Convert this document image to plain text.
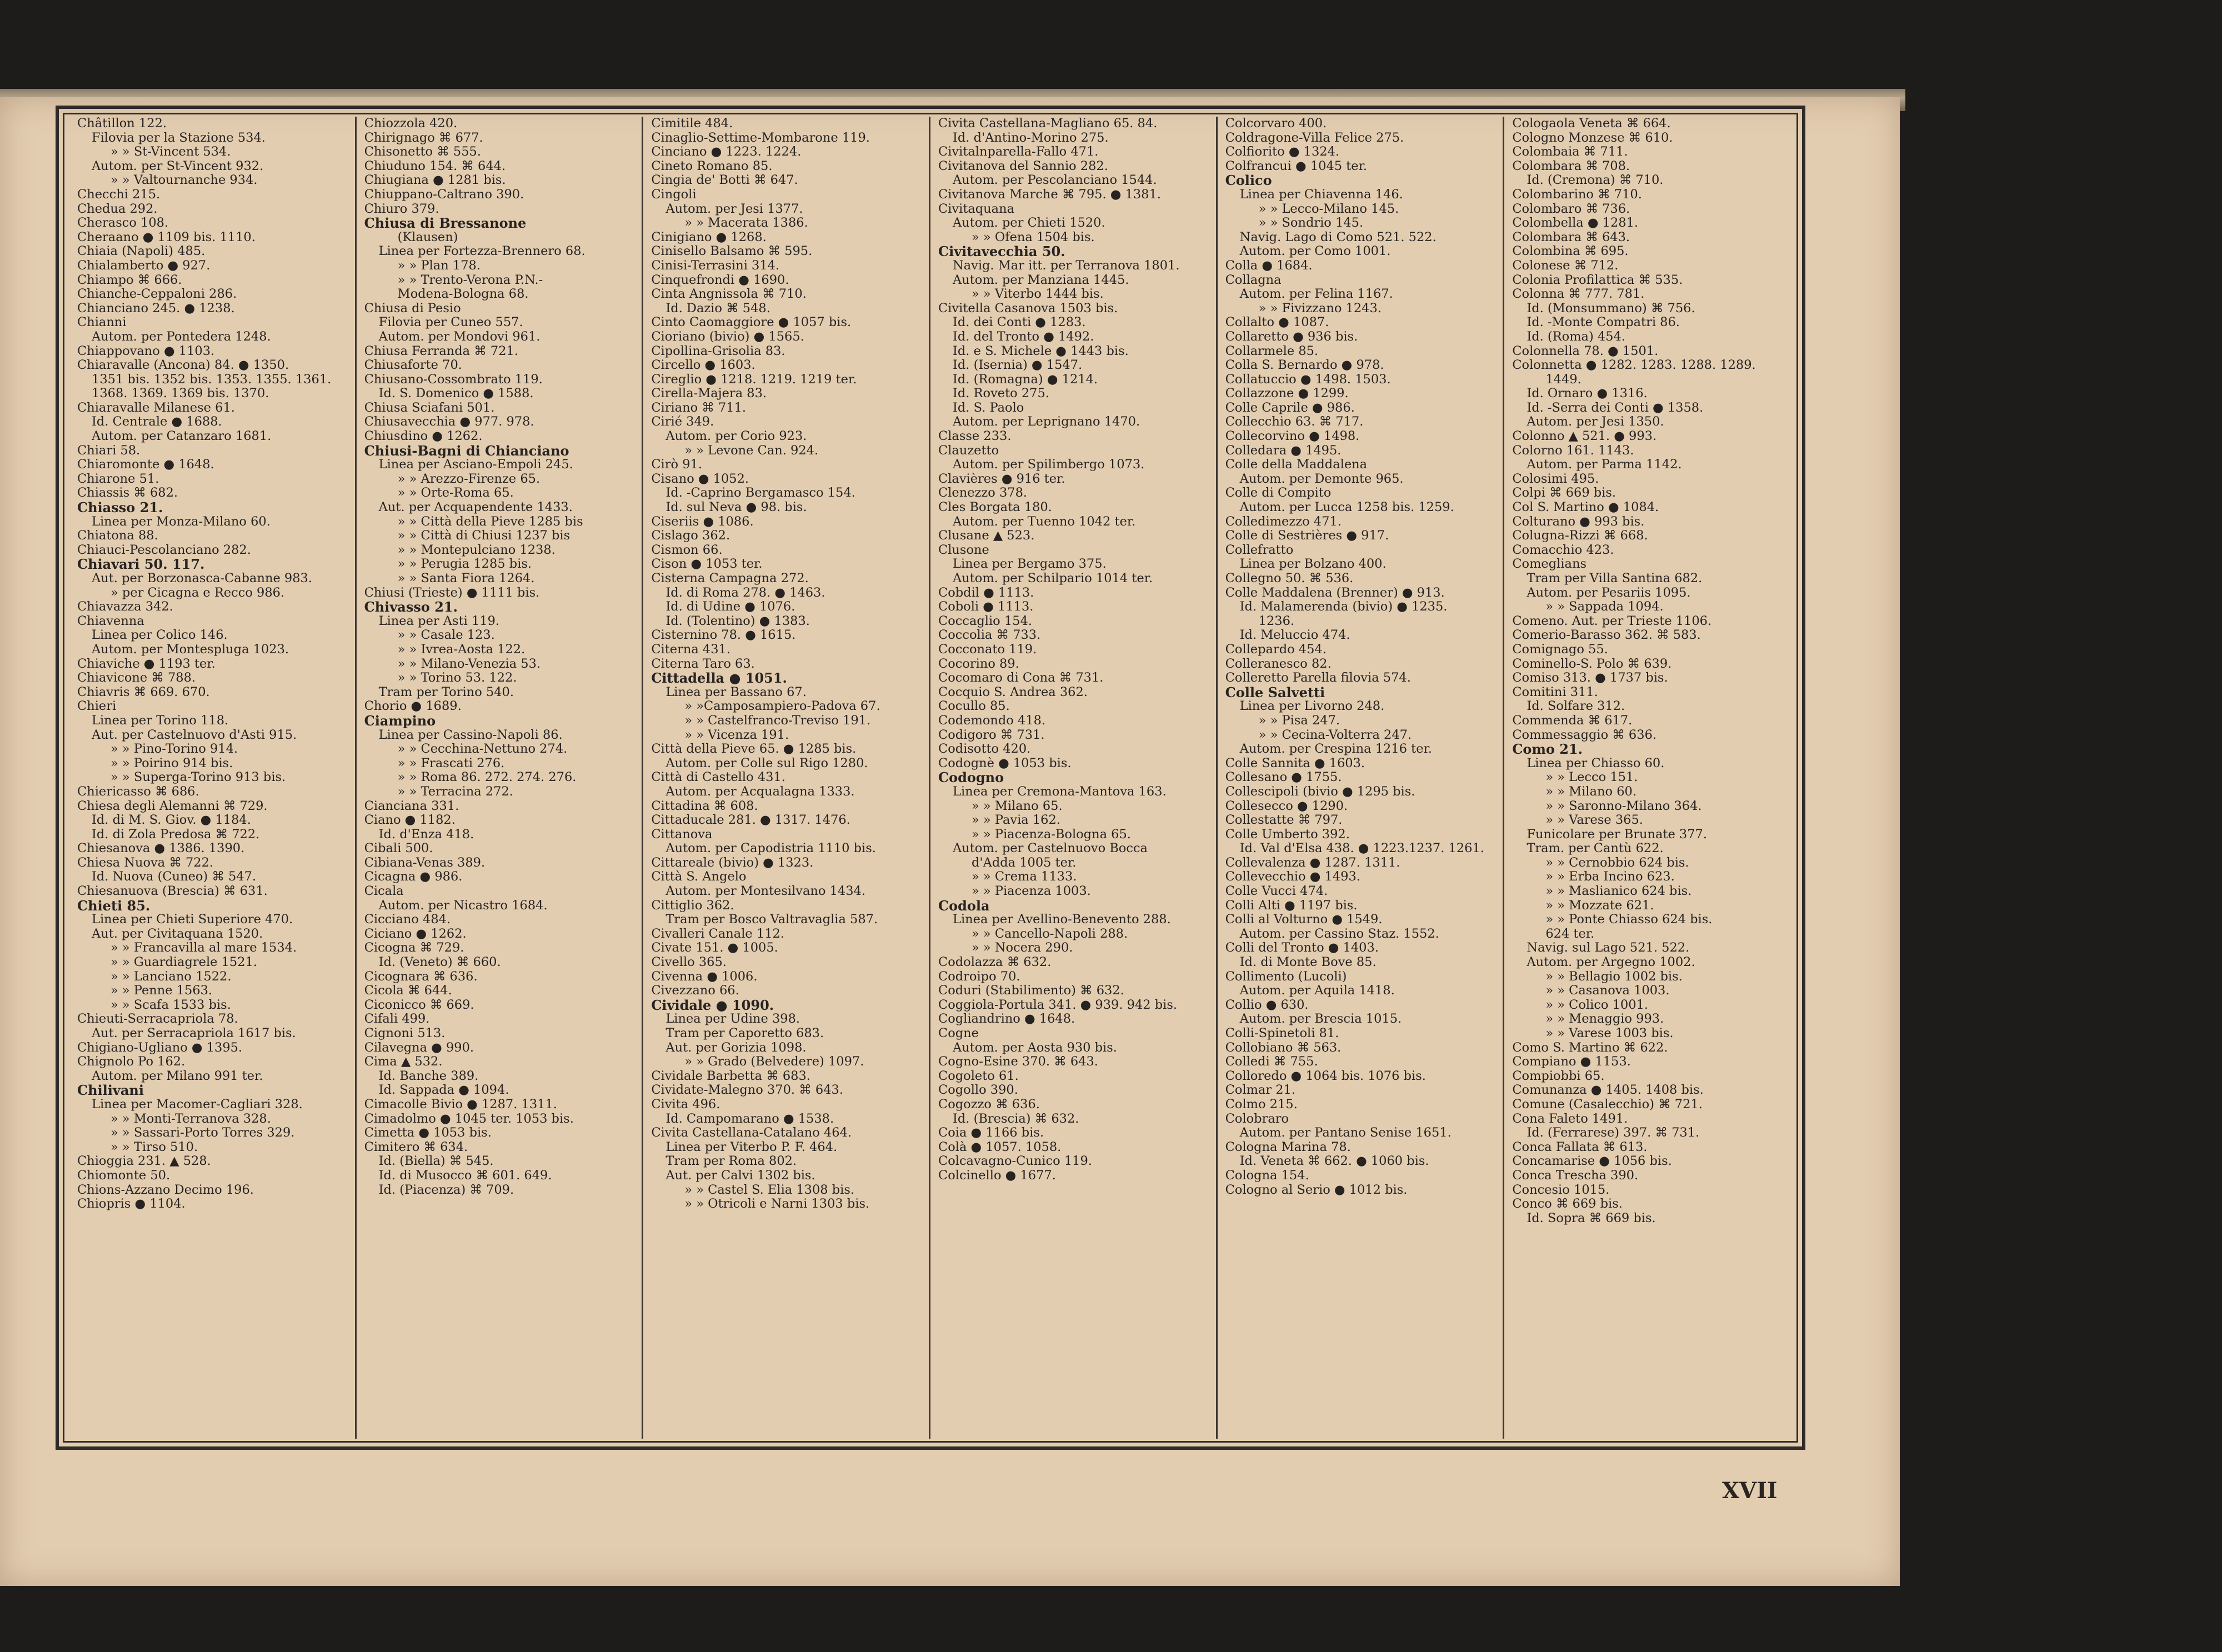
Châtillon 122.
Filovia per la Stazione 534.
» » St-Vincent 534.
Autom. per St-Vincent 932.
» » Valtournanche 934.
Checchi 215.
Chedua 292.
Cherasco 108.
Cheraano ● 1109 bis. 1110.
Chiaia (Napoli) 485.
Chialamberto ● 927.
Chiampo ⌘ 666.
Chianche-Ceppaloni 286.
Chianciano 245. ● 1238.
Chianni
Autom. per Pontedera 1248.
Chiappovano ● 1103.
Chiaravalle (Ancona) 84. ● 1350.
1351 bis. 1352 bis. 1353. 1355. 1361.
1368. 1369. 1369 bis. 1370.
Chiaravalle Milanese 61.
Id. Centrale ● 1688.
Autom. per Catanzaro 1681.
Chiari 58.
Chiaromonte ● 1648.
Chiarone 51.
Chiassis ⌘ 682.
Chiasso 21.
Linea per Monza-Milano 60.
Chiatona 88.
Chiauci-Pescolanciano 282.
Chiavari 50. 117.
Aut. per Borzonasca-Cabanne 983.
» per Cicagna e Recco 986.
Chiavazza 342.
Chiavenna
Linea per Colico 146.
Autom. per Montespluga 1023.
Chiaviche ● 1193 ter.
Chiavicone ⌘ 788.
Chiavris ⌘ 669. 670.
Chieri
Linea per Torino 118.
Aut. per Castelnuovo d'Asti 915.
» » Pino-Torino 914.
» » Poirino 914 bis.
» » Superga-Torino 913 bis.
Chiericasso ⌘ 686.
Chiesa degli Alemanni ⌘ 729.
Id. di M. S. Giov. ● 1184.
Id. di Zola Predosa ⌘ 722.
Chiesanova ● 1386. 1390.
Chiesa Nuova ⌘ 722.
Id. Nuova (Cuneo) ⌘ 547.
Chiesanuova (Brescia) ⌘ 631.
Chieti 85.
Linea per Chieti Superiore 470.
Aut. per Civitaquana 1520.
» » Francavilla al mare 1534.
» » Guardiagrele 1521.
» » Lanciano 1522.
» » Penne 1563.
» » Scafa 1533 bis.
Chieuti-Serracapriola 78.
Aut. per Serracapriola 1617 bis.
Chigiano-Ugliano ● 1395.
Chignolo Po 162.
Autom. per Milano 991 ter.
Chilivani
Linea per Macomer-Cagliari 328.
» » Monti-Terranova 328.
» » Sassari-Porto Torres 329.
» » Tirso 510.
Chioggia 231. ▲ 528.
Chiomonte 50.
Chions-Azzano Decimo 196.
Chiopris ● 1104.
Chiozzola 420.
Chirignago ⌘ 677.
Chisonetto ⌘ 555.
Chiuduno 154. ⌘ 644.
Chiugiana ● 1281 bis.
Chiuppano-Caltrano 390.
Chiuro 379.
Chiusa di Bressanone
(Klausen)
Linea per Fortezza-Brennero 68.
» » Plan 178.
» » Trento-Verona P.N.-
Modena-Bologna 68.
Chiusa di Pesio
Filovia per Cuneo 557.
Autom. per Mondovi 961.
Chiusa Ferranda ⌘ 721.
Chiusaforte 70.
Chiusano-Cossombrato 119.
Id. S. Domenico ● 1588.
Chiusa Sciafani 501.
Chiusavecchia ● 977. 978.
Chiusdino ● 1262.
Chiusi-Bagni di Chianciano
Linea per Asciano-Empoli 245.
» » Arezzo-Firenze 65.
» » Orte-Roma 65.
Aut. per Acquapendente 1433.
» » Città della Pieve 1285 bis
» » Città di Chiusi 1237 bis
» » Montepulciano 1238.
» » Perugia 1285 bis.
» » Santa Fiora 1264.
Chiusi (Trieste) ● 1111 bis.
Chivasso 21.
Linea per Asti 119.
» » Casale 123.
» » Ivrea-Aosta 122.
» » Milano-Venezia 53.
» » Torino 53. 122.
Tram per Torino 540.
Chorio ● 1689.
Ciampino
Linea per Cassino-Napoli 86.
» » Cecchina-Nettuno 274.
» » Frascati 276.
» » Roma 86. 272. 274. 276.
» » Terracina 272.
Cianciana 331.
Ciano ● 1182.
Id. d'Enza 418.
Cibali 500.
Cibiana-Venas 389.
Cicagna ● 986.
Cicala
Autom. per Nicastro 1684.
Cicciano 484.
Ciciano ● 1262.
Cicogna ⌘ 729.
Id. (Veneto) ⌘ 660.
Cicognara ⌘ 636.
Cicola ⌘ 644.
Ciconicco ⌘ 669.
Cifali 499.
Cignoni 513.
Cilavegna ● 990.
Cima ▲ 532.
Id. Banche 389.
Id. Sappada ● 1094.
Cimacolle Bivio ● 1287. 1311.
Cimadolmo ● 1045 ter. 1053 bis.
Cimetta ● 1053 bis.
Cimitero ⌘ 634.
Id. (Biella) ⌘ 545.
Id. di Musocco ⌘ 601. 649.
Id. (Piacenza) ⌘ 709.
Cimitile 484.
Cinaglio-Settime-Mombarone 119.
Cinciano ● 1223. 1224.
Cineto Romano 85.
Cingia de' Botti ⌘ 647.
Cingoli
Autom. per Jesi 1377.
» » Macerata 1386.
Cinigiano ● 1268.
Cinisello Balsamo ⌘ 595.
Cinisi-Terrasini 314.
Cinquefrondi ● 1690.
Cinta Angnissola ⌘ 710.
Id. Dazio ⌘ 548.
Cinto Caomaggiore ● 1057 bis.
Cioriano (bivio) ● 1565.
Cipollina-Grisolia 83.
Circello ● 1603.
Cireglio ● 1218. 1219. 1219 ter.
Cirella-Majera 83.
Ciriano ⌘ 711.
Cirié 349.
Autom. per Corio 923.
» » Levone Can. 924.
Cirò 91.
Cisano ● 1052.
Id. -Caprino Bergamasco 154.
Id. sul Neva ● 98. bis.
Ciseriis ● 1086.
Cislago 362.
Cismon 66.
Cison ● 1053 ter.
Cisterna Campagna 272.
Id. di Roma 278. ● 1463.
Id. di Udine ● 1076.
Id. (Tolentino) ● 1383.
Cisternino 78. ● 1615.
Citerna 431.
Citerna Taro 63.
Cittadella ● 1051.
Linea per Bassano 67.
» »Camposampiero-Padova 67.
» » Castelfranco-Treviso 191.
» » Vicenza 191.
Città della Pieve 65. ● 1285 bis.
Autom. per Colle sul Rigo 1280.
Città di Castello 431.
Autom. per Acqualagna 1333.
Cittadina ⌘ 608.
Cittaducale 281. ● 1317. 1476.
Cittanova
Autom. per Capodistria 1110 bis.
Cittareale (bivio) ● 1323.
Città S. Angelo
Autom. per Montesilvano 1434.
Cittiglio 362.
Tram per Bosco Valtravaglia 587.
Civalleri Canale 112.
Civate 151. ● 1005.
Civello 365.
Civenna ● 1006.
Civezzano 66.
Cividale ● 1090.
Linea per Udine 398.
Tram per Caporetto 683.
Aut. per Gorizia 1098.
» » Grado (Belvedere) 1097.
Cividale Barbetta ⌘ 683.
Cividate-Malegno 370. ⌘ 643.
Civita 496.
Id. Campomarano ● 1538.
Civita Castellana-Catalano 464.
Linea per Viterbo P. F. 464.
Tram per Roma 802.
Aut. per Calvi 1302 bis.
» » Castel S. Elia 1308 bis.
» » Otricoli e Narni 1303 bis.
Civita Castellana-Magliano 65. 84.
Id. d'Antino-Morino 275.
Civitalnparella-Fallo 471.
Civitanova del Sannio 282.
Autom. per Pescolanciano 1544.
Civitanova Marche ⌘ 795. ● 1381.
Civitaquana
Autom. per Chieti 1520.
» » Ofena 1504 bis.
Civitavecchia 50.
Navig. Mar itt. per Terranova 1801.
Autom. per Manziana 1445.
» » Viterbo 1444 bis.
Civitella Casanova 1503 bis.
Id. dei Conti ● 1283.
Id. del Tronto ● 1492.
Id. e S. Michele ● 1443 bis.
Id. (Isernia) ● 1547.
Id. (Romagna) ● 1214.
Id. Roveto 275.
Id. S. Paolo
Autom. per Leprignano 1470.
Classe 233.
Clauzetto
Autom. per Spilimbergo 1073.
Clavières ● 916 ter.
Clenezzo 378.
Cles Borgata 180.
Autom. per Tuenno 1042 ter.
Clusane ▲ 523.
Clusone
Linea per Bergamo 375.
Autom. per Schilpario 1014 ter.
Cobdil ● 1113.
Coboli ● 1113.
Coccaglio 154.
Coccolia ⌘ 733.
Cocconato 119.
Cocorino 89.
Cocomaro di Cona ⌘ 731.
Cocquio S. Andrea 362.
Cocullo 85.
Codemondo 418.
Codigoro ⌘ 731.
Codisotto 420.
Codognè ● 1053 bis.
Codogno
Linea per Cremona-Mantova 163.
» » Milano 65.
» » Pavia 162.
» » Piacenza-Bologna 65.
Autom. per Castelnuovo Bocca
d'Adda 1005 ter.
» » Crema 1133.
» » Piacenza 1003.
Codola
Linea per Avellino-Benevento 288.
» » Cancello-Napoli 288.
» » Nocera 290.
Codolazza ⌘ 632.
Codroipo 70.
Coduri (Stabilimento) ⌘ 632.
Coggiola-Portula 341. ● 939. 942 bis.
Cogliandrino ● 1648.
Cogne
Autom. per Aosta 930 bis.
Cogno-Esine 370. ⌘ 643.
Cogoleto 61.
Cogollo 390.
Cogozzo ⌘ 636.
Id. (Brescia) ⌘ 632.
Coia ● 1166 bis.
Colà ● 1057. 1058.
Colcavagno-Cunico 119.
Colcinello ● 1677.
Colcorvaro 400.
Coldragone-Villa Felice 275.
Colfiorito ● 1324.
Colfrancui ● 1045 ter.
Colico
Linea per Chiavenna 146.
» » Lecco-Milano 145.
» » Sondrio 145.
Navig. Lago di Como 521. 522.
Autom. per Como 1001.
Colla ● 1684.
Collagna
Autom. per Felina 1167.
» » Fivizzano 1243.
Collalto ● 1087.
Collaretto ● 936 bis.
Collarmele 85.
Colla S. Bernardo ● 978.
Collatuccio ● 1498. 1503.
Collazzone ● 1299.
Colle Caprile ● 986.
Collecchio 63. ⌘ 717.
Collecorvino ● 1498.
Colledara ● 1495.
Colle della Maddalena
Autom. per Demonte 965.
Colle di Compito
Autom. per Lucca 1258 bis. 1259.
Colledimezzo 471.
Colle di Sestrières ● 917.
Collefratto
Linea per Bolzano 400.
Collegno 50. ⌘ 536.
Colle Maddalena (Brenner) ● 913.
Id. Malamerenda (bivio) ● 1235.
1236.
Id. Meluccio 474.
Collepardo 454.
Colleranesco 82.
Colleretto Parella filovia 574.
Colle Salvetti
Linea per Livorno 248.
» » Pisa 247.
» » Cecina-Volterra 247.
Autom. per Crespina 1216 ter.
Colle Sannita ● 1603.
Collesano ● 1755.
Collescipoli (bivio ● 1295 bis.
Collesecco ● 1290.
Collestatte ⌘ 797.
Colle Umberto 392.
Id. Val d'Elsa 438. ● 1223.1237. 1261.
Collevalenza ● 1287. 1311.
Collevecchio ● 1493.
Colle Vucci 474.
Colli Alti ● 1197 bis.
Colli al Volturno ● 1549.
Autom. per Cassino Staz. 1552.
Colli del Tronto ● 1403.
Id. di Monte Bove 85.
Collimento (Lucoli)
Autom. per Aquila 1418.
Collio ● 630.
Autom. per Brescia 1015.
Colli-Spinetoli 81.
Collobiano ⌘ 563.
Colledi ⌘ 755.
Colloredo ● 1064 bis. 1076 bis.
Colmar 21.
Colmo 215.
Colobraro
Autom. per Pantano Senise 1651.
Cologna Marina 78.
Id. Veneta ⌘ 662. ● 1060 bis.
Cologna 154.
Cologno al Serio ● 1012 bis.
Cologaola Veneta ⌘ 664.
Cologno Monzese ⌘ 610.
Colombaia ⌘ 711.
Colombara ⌘ 708.
Id. (Cremona) ⌘ 710.
Colombarino ⌘ 710.
Colombaro ⌘ 736.
Colombella ● 1281.
Colombara ⌘ 643.
Colombina ⌘ 695.
Colonese ⌘ 712.
Colonia Profilattica ⌘ 535.
Colonna ⌘ 777. 781.
Id. (Monsummano) ⌘ 756.
Id. -Monte Compatri 86.
Id. (Roma) 454.
Colonnella 78. ● 1501.
Colonnetta ● 1282. 1283. 1288. 1289.
1449.
Id. Ornaro ● 1316.
Id. -Serra dei Conti ● 1358.
Autom. per Jesi 1350.
Colonno ▲ 521. ● 993.
Colorno 161. 1143.
Autom. per Parma 1142.
Colosimi 495.
Colpi ⌘ 669 bis.
Col S. Martino ● 1084.
Colturano ● 993 bis.
Colugna-Rizzi ⌘ 668.
Comacchio 423.
Comeglians
Tram per Villa Santina 682.
Autom. per Pesariis 1095.
» » Sappada 1094.
Comeno. Aut. per Trieste 1106.
Comerio-Barasso 362. ⌘ 583.
Comignago 55.
Cominello-S. Polo ⌘ 639.
Comiso 313. ● 1737 bis.
Comitini 311.
Id. Solfare 312.
Commenda ⌘ 617.
Commessaggio ⌘ 636.
Como 21.
Linea per Chiasso 60.
» » Lecco 151.
» » Milano 60.
» » Saronno-Milano 364.
» » Varese 365.
Funicolare per Brunate 377.
Tram. per Cantù 622.
» » Cernobbio 624 bis.
» » Erba Incino 623.
» » Maslianico 624 bis.
» » Mozzate 621.
» » Ponte Chiasso 624 bis.
624 ter.
Navig. sul Lago 521. 522.
Autom. per Argegno 1002.
» » Bellagio 1002 bis.
» » Casanova 1003.
» » Colico 1001.
» » Menaggio 993.
» » Varese 1003 bis.
Como S. Martino ⌘ 622.
Compiano ● 1153.
Compiobbi 65.
Comunanza ● 1405. 1408 bis.
Comune (Casalecchio) ⌘ 721.
Cona Faleto 1491.
Id. (Ferrarese) 397. ⌘ 731.
Conca Fallata ⌘ 613.
Concamarise ● 1056 bis.
Conca Trescha 390.
Concesio 1015.
Conco ⌘ 669 bis.
Id. Sopra ⌘ 669 bis.
XVII
